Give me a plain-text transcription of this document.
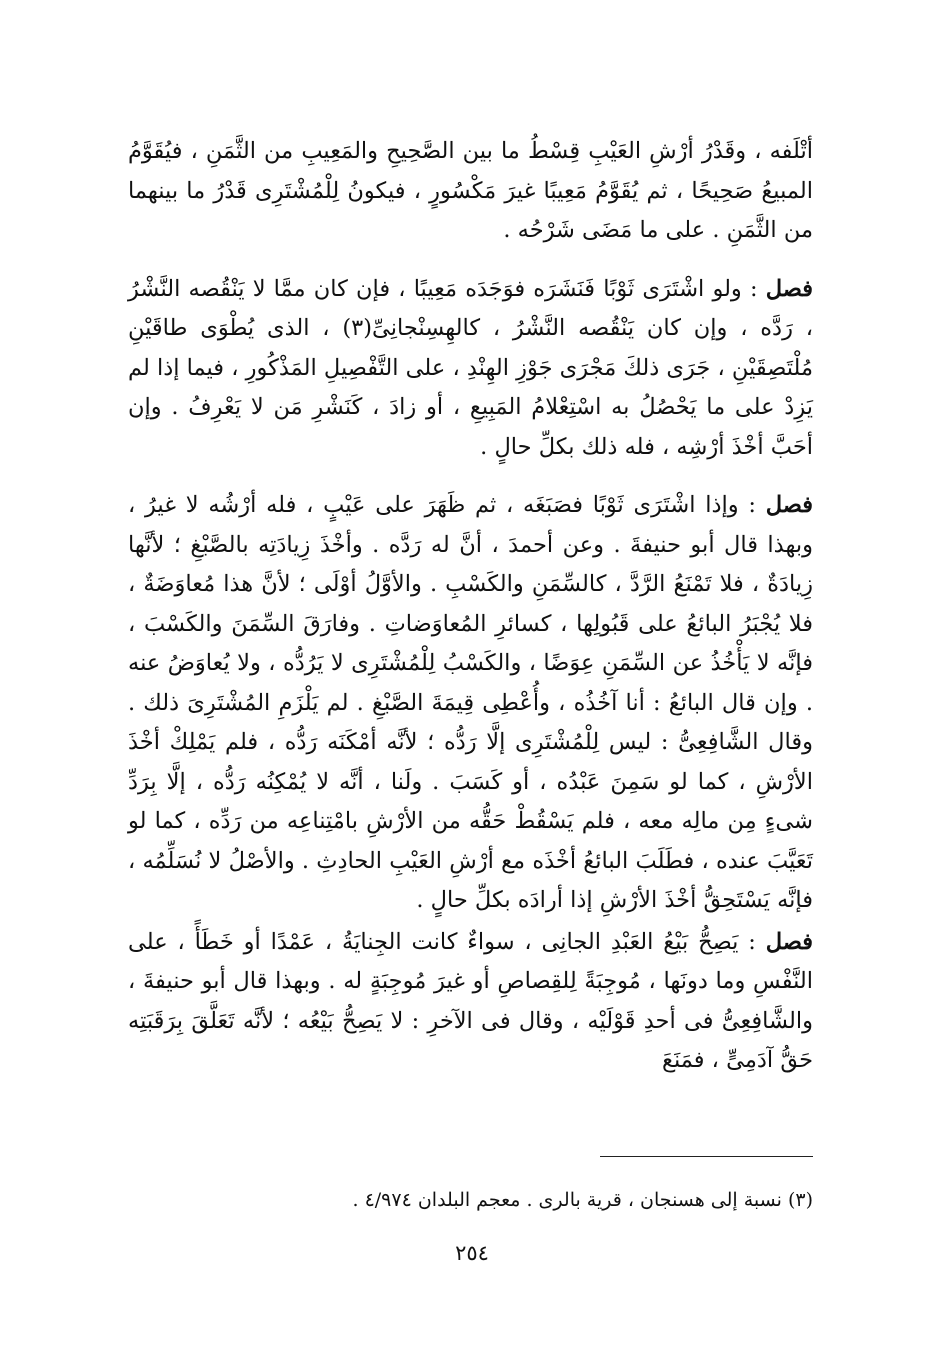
أتْلَفه ، وقَدْرُ أرْشِ العَيْبِ قِسْطُ ما بين الصَّحِيحِ والمَعِيبِ من الثَّمَنِ ، فيُقَوَّمُ المبيعُ صَحِيحًا ، ثم يُقَوَّمُ مَعِيبًا غيرَ مَكْسُورٍ ، فيكونُ لِلْمُشْتَرِى قَدْرُ ما بينهما من الثَّمَنِ . على ما مَضَى شَرْحُه .

فصل : ولو اشْتَرَى ثَوْبًا فَنَشَرَه فوَجَدَه مَعِيبًا ، فإن كان ممَّا لا يَنْقُصه النَّشْرُ ، رَدَّه ، وإن كان يَنْقُصه النَّشْرُ ، كالهِسِنْجانِىِّ(٣) ، الذى يُطْوَى طاقَيْنِ مُلْتَصِقَيْنِ ، جَرَى ذلكَ مَجْرَى جَوْزِ الهِنْدِ ، على التَّفْصِيلِ المَذْكُورِ ، فيما إذا لم يَزِدْ على ما يَحْصُلُ به اسْتِعْلامُ المَبِيعِ ، أو زادَ ، كَنَشْرِ مَن لا يَعْرِفُ . وإن أحَبَّ أخْذَ أرْشِه ، فله ذلك بكلِّ حالٍ .

فصل : وإذا اشْتَرَى ثَوْبًا فصَبَغَه ، ثم ظَهَرَ على عَيْبٍ ، فله أرْشُه لا غيرُ ، وبهذا قال أبو حنيفةَ . وعن أحمدَ ، أنَّ له رَدَّه . وأخْذَ زِيادَتِه بالصَّبْغِ ؛ لأنَّها زِيادَةٌ ، فلا تَمْنَعُ الرَّدَّ ، كالسِّمَنِ والكَسْبِ . والأوَّلُ أوْلَى ؛ لأنَّ هذا مُعاوَضَةٌ ، فلا يُجْبَرُ البائعُ على قَبُولِها ، كسائرِ المُعاوَضاتِ . وفارَقَ السِّمَنَ والكَسْبَ ، فإنَّه لا يَأْخُذُ عن السِّمَنِ عِوَضًا ، والكَسْبُ لِلْمُشْتَرِى لا يَرُدُّه ، ولا يُعاوَضُ عنه . وإن قال البائعُ : أنا آخُذُه ، وأُعْطِى قِيمَةَ الصَّبْغِ . لم يَلْزَمِ المُشْتَرِىَ ذلك . وقال الشَّافِعِىُّ : ليس لِلْمُشْتَرِى إلَّا رَدُّه ؛ لأنَّه أمْكَنَه رَدُّه ، فلم يَمْلِكْ أخْذَ الأرْشِ ، كما لو سَمِنَ عَبْدُه ، أو كَسَبَ . ولَنا ، أنَّه لا يُمْكِنُه رَدُّه ، إلَّا بِرَدِّ شىءٍ مِن مالِه معه ، فلم يَسْقُطْ حَقُّه من الأرْشِ بامْتِناعِه من رَدِّه ، كما لو تَعَيَّبَ عنده ، فطَلَبَ البائعُ أخْذَه مع أرْشِ العَيْبِ الحادِثِ . والأصْلُ لا نُسَلِّمُه ، فإنَّه يَسْتَحِقُّ أخْذَ الأرْشِ إذا أرادَه بكلِّ حالٍ .

فصل : يَصِحُّ بَيْعُ العَبْدِ الجانِى ، سواءٌ كانت الجِنايَةُ ، عَمْدًا أو خَطَأً ، على النَّفْسِ وما دونَها ، مُوجِبَةً لِلقِصاصِ أو غيرَ مُوجِبَةٍ له . وبهذا قال أبو حنيفةَ ، والشَّافِعِىُّ فى أحدِ قَوْلَيْه ، وقال فى الآخرِ : لا يَصِحُّ بَيْعُه ؛ لأنَّه تَعَلَّقَ بِرَقَبَتِه حَقُّ آدَمِىٍّ ، فمَنَعَ

(٣) نسبة إلى هسنجان ، قرية بالرى . معجم البلدان ٤/٩٧٤ .
٢٥٤
